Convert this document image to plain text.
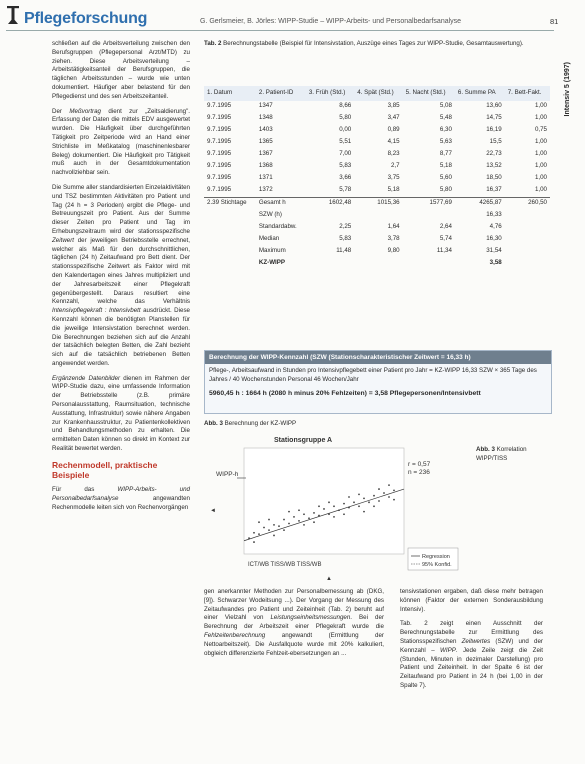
Pflegeforschung	G. Gerlsmeier, B. Jörles: WIPP-Studie – WIPP-Arbeits- und Personalbedarfsanalyse	81
Intensiv 5 (1997)

schließen auf die Arbeitsverteilung zwischen den Berufsgruppen (Pflegepersonal Arzt/MTD) zu ziehen. Diese Arbeitsverteilung – Arbeitstätigkeitsanteil der Berufsgruppen, die täglichen Arbeitsstunden – wurde wie unten dokumentiert. Häufiger aber belastend für den Pflegedienst und des sen Arbeitszeitanteil.

Der Meßvortrag dient zur „Zeitsaldierung". Erfassung der Daten die mittels EDV ausgewertet wurden. Die Häufigkeit über durchgeführten Tätigkeit pro Zeitperiode wird an Hand einer Strichliste im Meßkatalog (maschinenlesbarer Beleg) dokumentiert. Die Häufigkeit pro Tätigkeit muß auch in der Gesamtdokumentation nachvollziehbar sein.

Die Summe aller standardisierten Einzelaktivitäten und TSZ bestimmten Aktivitäten pro Patient und Tag (24 h = 3 Perioden) ergibt die Pflege- und Betreuungszeit pro Patient. Aus der Summe dieser Zeiten pro Patient und Tag im Erhebungszeitraum wird der stationsspezifische Zeitwert der jeweiligen Betriebsstelle errechnet, welcher als Maß für den durchschnittlichen, täglichen (24 h) Zeitaufwand pro Bett dient. Der stationsspezifische Zeitwert als Faktor wird mit den Kalendertagen eines Jahres multipliziert und der Jahresarbeitszeit einer Pflegekraft gegenübergestellt. Daraus resultiert eine Kennzahl, welche das Verhältnis Intensivpflegekraft : Intensivbett ausdrückt. Diese Kennzahl können die benötigten Planstellen für die jeweilige Intensivstation berechnet werden. Die Berechnungen beziehen sich auf die Anzahl der tatsächlich belegten Betten, die Zahl bezieht sich auf die tatsächlich betriebenen Betten angewendet werden.

Ergänzende Datenbilder dienen im Rahmen der WIPP-Studie dazu, eine umfassende Information der Betriebsstelle (z.B. primäre Personalausstattung, Raumsituation, technische Ausstattung, Infrastruktur) sowie nähere Angaben zur Krankenhausstruktur, zu Patientenkollektiven und Behandlungsmethoden zu erhalten. Die ermittelten Daten können so direkt im Kontext zur Realität bewertet werden.

Rechenmodell, praktische Beispiele

Für das WIPP-Arbeits- und Personalbedarfsanalyse angewandten Rechenmodelle leiten sich von Rechenvorgängen

Tab. 2 Berechnungstabelle (Beispiel für Intensivstation, Auszüge eines Tages zur WIPP-Studie, Gesamtauswertung).
1. Datum	2. Patient-ID	3. Früh (Std.)	4. Spät (Std.)	5. Nacht (Std.)	6. Summe PA	7. Bett-Fakt.
9.7.1995	1347	8,66	3,85	5,08	13,60	1,00
9.7.1995	1348	5,80	3,47	5,48	14,75	1,00
9.7.1995	1403	0,00	0,89	6,30	16,19	0,75
9.7.1995	1365	5,51	4,15	5,63	15,5	1,00
9.7.1995	1367	7,00	8,23	8,77	22,73	1,00
9.7.1995	1368	5,83	2,7	5,18	13,52	1,00
9.7.1995	1371	3,66	3,75	5,60	18,50	1,00
9.7.1995	1372	5,78	5,18	5,80	16,37	1,00
2.39 Stichtage	Gesamt h	1602,48	1015,36	1577,69	4265,87	260,50
	SZW (h)				16,33	
	Standardabw.	2,25	1,64	2,64	4,76	
	Median	5,83	3,78	5,74	16,30	
	Maximum	11,48	9,80	11,34	31,54	
	KZ-WIPP				3,58	
Berechnung der WIPP-Kennzahl (SZW (Stationscharakteristischer Zeitwert = 16,33 h)
Pflege-, Arbeitsaufwand in Stunden pro Intensivpflegebett einer Patient pro Jahr = KZ-WIPP 16,33 SZW × 365 Tage des Jahres / 40 Wochenstunden Personal 46 Wochen/Jahr
5960,45 h : 1664 h (2080 h minus 20% Fehlzeiten) = 3,58 Pflegepersonen/Intensivbett
Abb. 3 Berechnung der KZ-WIPP
Abb. 3 Korrelation WIPP/TISS
Stationsgruppe A
WIPP-h
◄
r = 0,57
n = 236
ICT/WB TISS/WB TISS/WB
▲
Regression
95% Konfid.

gen anerkannter Methoden zur Personalbemessung ab (DKG, [9]). Schwarzer Wodeitsung ...). Der Vorgang der Messung des Zeitaufwandes pro Patient und Zeiteinheit (Tab. 2) beruht auf einer Vielzahl von Leistungseinheitsmessungen. Bei der Berechnung der Arbeitszeit einer Pflegekraft wurde die Fehlzeitenberechnung angewandt (Ermittlung der Nettoarbeitszeit). Die Ausfallquote wurde mit 20% kalkuliert, obgleich differenzierte Fehlzeit-ebersetzungen an ...

tensivstationen ergaben, daß diese mehr betragen können (Faktor der externen Sonderausbildung Intensiv).

Tab. 2 zeigt einen Ausschnitt der Berechnungstabelle zur Ermittlung des Stationsspezifischen Zeitwertes (SZW) und der Kennzahl – WIPP. Jede Zeile zeigt die Zeit (Stunden, Minuten in dezimaler Darstellung) pro Patient und Zeiteinheit. In der Spalte 6 ist der Zeitaufwand pro Patient in 24 h (bei 1,00 in der Spalte 7).
